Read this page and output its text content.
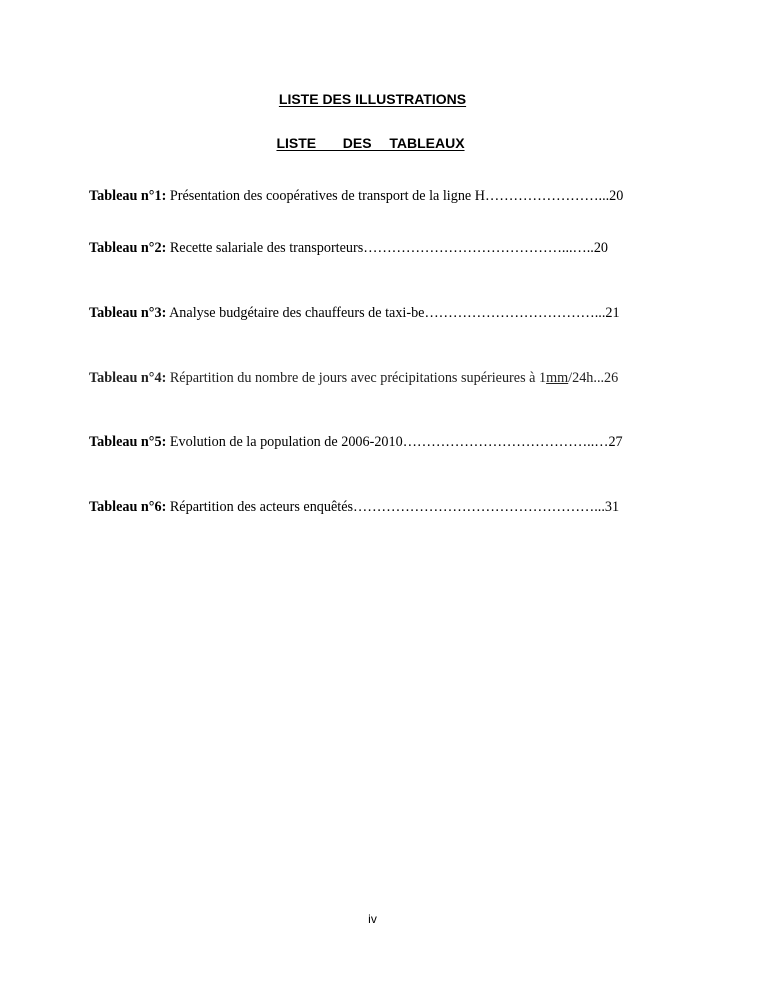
LISTE DES ILLUSTRATIONS
LISTE   DES  TABLEAUX
Tableau n°1: Présentation des coopératives de transport de la ligne H……………………...20
Tableau n°2: Recette salariale des transporteurs……………………………………...…..20
Tableau n°3: Analyse budgétaire des chauffeurs de taxi-be………………………………...21
Tableau n°4: Répartition du nombre de jours avec précipitations supérieures à 1mm/24h...26
Tableau n°5: Evolution de la population de 2006-2010…………………………………..…27
Tableau n°6: Répartition des acteurs enquêtés……………………………………………...31
iv
